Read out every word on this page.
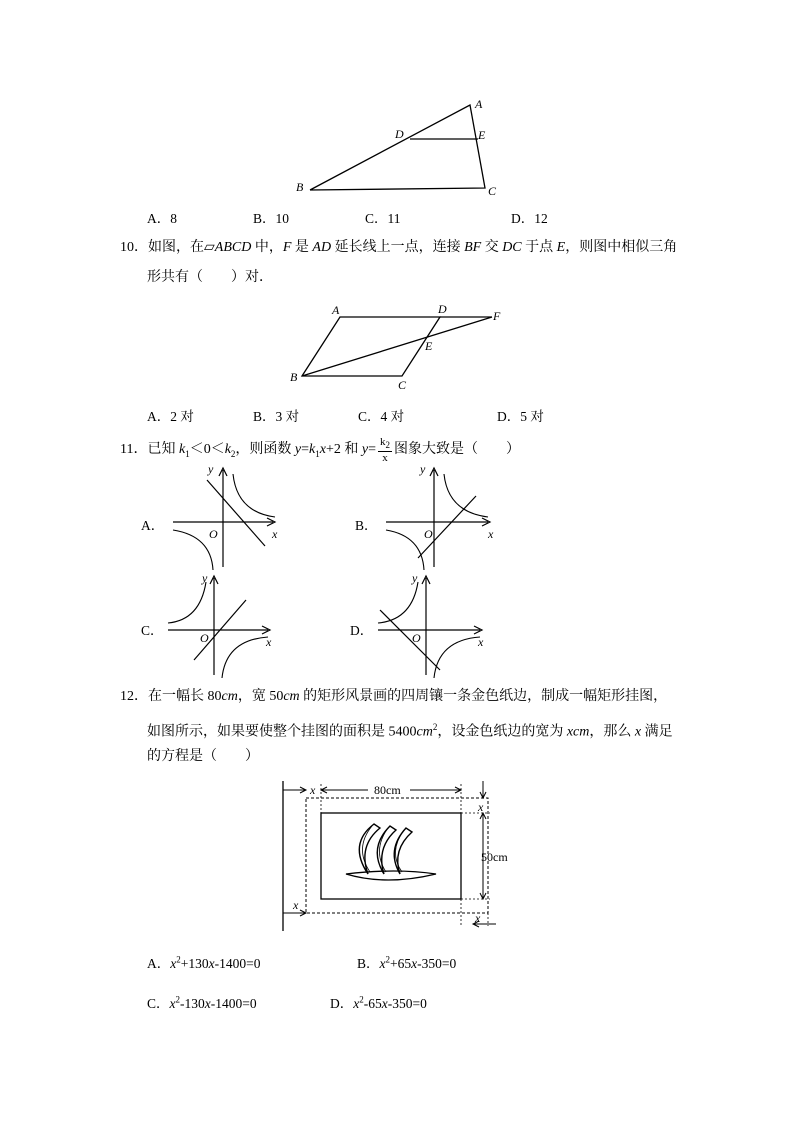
A
D	E
B	C
A．8	B．10	C．11	D．12
10．如图，在▱ABCD 中，F 是 AD 延长线上一点，连接 BF 交 DC 于点 E，则图中相似三角
形共有（　　）对．
A	D	F
E
B
C
A．2 对	B．3 对	C．4 对	D．5 对
11．已知 $k_1<0<k_2$，则函数 $y=k_1x+2$ 和 $y= \frac{k_2}{x}$ 图象大致是（　　）
A．
O	x
y
B．
O	x
y
C．	O	x
y
D．	O	x
y
12．在一幅长 80cm，宽 50cm 的矩形风景画的四周镶一条金色纸边，制成一幅矩形挂图，
如图所示，如果要使整个挂图的面积是 $5400cm^2$，设金色纸边的宽为 xcm，那么 x 满足
的方程是（　　）
80cm
x
x
50cm
x
x
A．$x^2+130x-1400=0$	B．$x^2+65x-350=0$
C．$x^2-130x-1400=0$	D．$x^2-65x-350=0$
